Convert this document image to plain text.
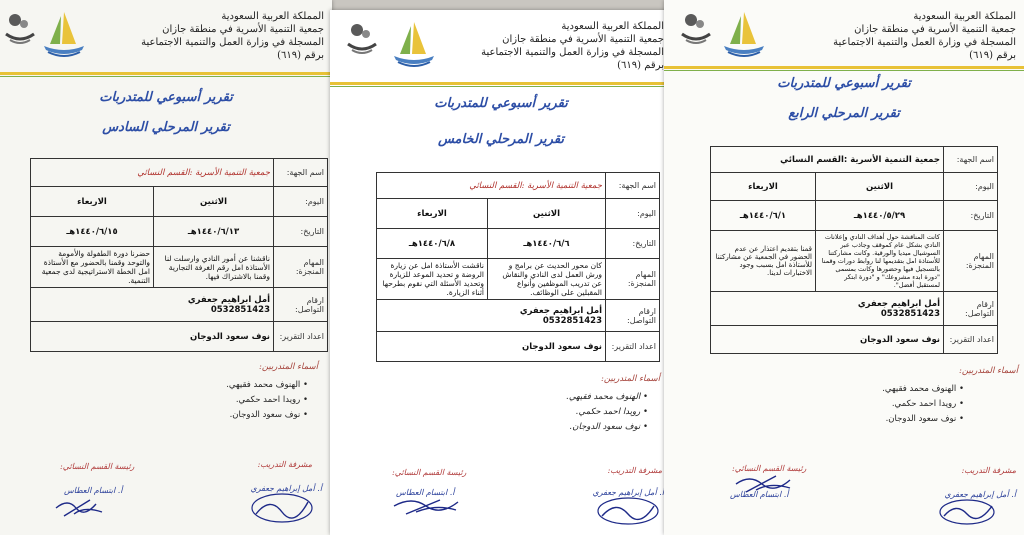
المملكة العربية السعودية
جمعية التنمية الأسرية في منطقة جازان
المسجلة في وزارة العمل والتنمية الاجتماعية
برقم (٦١٩)
تقرير أسبوعي للمتدربات
تقرير المرحلي السادس
اسم الجهة:	جمعية التنمية الأسرية :القسم النسائي	
اليوم:	الاثنين	الاربعاء
التاريخ:	١٤٤٠/٦/١٣هـ	١٤٤٠/٦/١٥هـ
المهام المنجزة:	ناقشنا عن أمور النادي وارسلت لنا الأستاذة امل رقم الغرفة التجارية وقمنا بالاشتراك فيها.	حضرنا دورة الطفولة والأمومة والتوحد وقمنا بالحضور مع الأستاذة امل الخطة الاستراتيجية لدى جمعية التنمية.
ارقام التواصل:	أمل ابراهيم جعفري
0532851423	

اعداد التقرير:	نوف سعود الدوجان	
أسماء المتدربين:
• الهنوف محمد فقيهي.
• رويدا احمد حكمي.
• نوف سعود الدوجان.
مشرفة التدريب:
رئيسة القسم النسائي:
أ. أمل إبراهيم جعفري
أ. ابتسام العطاس
المملكة العربية السعودية
جمعية التنمية الأسرية في منطقة جازان
المسجلة في وزارة العمل والتنمية الاجتماعية
برقم (٦١٩)
تقرير أسبوعي للمتدربات
تقرير المرحلي الخامس
اسم الجهة:	جمعية التنمية الأسرية :القسم النسائي	
اليوم:	الاثنين	الاربعاء
التاريخ:	١٤٤٠/٦/٦هـ	١٤٤٠/٦/٨هـ
المهام المنجزة:	كان محور الحديث عن برامج و ورش العمل لدى النادي والنقاش عن تدريب الموظفين وأنواع المقبلين على الوظائف.	ناقشت الأستاذة امل عن زيارة الروضة و تحديد الموعد للزيارة وتحديد الأسئلة التي نقوم بطرحها أثناء الزيارة.
ارقام التواصل:	أمل ابراهيم جعفري
0532851423	

اعداد التقرير:	نوف سعود الدوجان	
أسماء المتدربين:
• الهنوف محمد فقيهي.
• رويدا احمد حكمي.
• نوف سعود الدوجان.
مشرفة التدريب:
رئيسة القسم النسائي:
أ. أمل إبراهيم جعفري
أ. ابتسام العطاس
المملكة العربية السعودية
جمعية التنمية الأسرية في منطقة جازان
المسجلة في وزارة العمل والتنمية الاجتماعية
برقم (٦١٩)
تقرير أسبوعي للمتدربات
تقرير المرحلي الرابع
اسم الجهة:	جمعية التنمية الأسرية :القسم النسائي	
اليوم:	الاثنين	الاربعاء
التاريخ:	١٤٤٠/٥/٢٩هـ	١٤٤٠/٦/١هـ
المهام المنجزة:	كانت المناقشة حول أهداف النادي وإعلانات النادي بشكل عام كموقف وجاذب عبر السوشيال ميديا والورقية. وكانت مشاركتنا للأستاذة امل بتقديمها لنا روابط دورات وقمنا بالتسجيل فيها وحضورها وكانت بمسمى "دورة ابدء مشروعك" و "دورة ابتكر لمستقبل أفضل".	قمنا بتقديم اعتذار عن عدم الحضور في الجمعية عن مشاركتنا للأستاذة امل بسبب وجود الاختبارات لدينا.
ارقام التواصل:	أمل ابراهيم جعفري
0532851423	

اعداد التقرير:	نوف سعود الدوجان	
أسماء المتدربين:
• الهنوف محمد فقيهي.
• رويدا احمد حكمي.
• نوف سعود الدوجان.
مشرفة التدريب:
رئيسة القسم النسائي:
أ. أمل إبراهيم جعفري
أ. ابتسام العطاس
